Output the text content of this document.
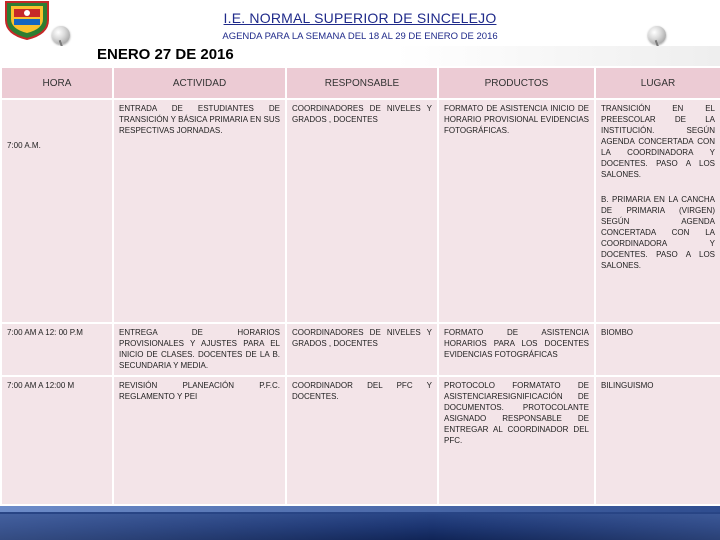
I.E. NORMAL SUPERIOR DE SINCELEJO
AGENDA PARA LA SEMANA DEL 18 AL 29 DE ENERO DE 2016
ENERO 27 DE 2016
HORA	ACTIVIDAD	RESPONSABLE	PRODUCTOS	LUGAR
7:00 A.M.	ENTRADA DE ESTUDIANTES DE TRANSICIÓN Y BÁSICA PRIMARIA EN SUS RESPECTIVAS JORNADAS.	COORDINADORES DE NIVELES Y GRADOS , DOCENTES	FORMATO DE ASISTENCIA INICIO DE HORARIO PROVISIONAL EVIDENCIAS FOTOGRÁFICAS.	TRANSICIÓN EN EL PREESCOLAR DE LA INSTITUCIÓN. SEGÚN AGENDA CONCERTADA CON LA COORDINADORA Y DOCENTES. PASO A LOS SALONES.
B. PRIMARIA EN LA CANCHA DE PRIMARIA (VIRGEN) SEGÚN AGENDA CONCERTADA CON LA COORDINADORA Y DOCENTES. PASO A LOS SALONES.

7:00 AM A 12: 00 P.M	ENTREGA DE HORARIOS PROVISIONALES Y AJUSTES PARA EL INICIO DE CLASES. DOCENTES DE LA B. SECUNDARIA Y MEDIA.	COORDINADORES DE NIVELES Y GRADOS , DOCENTES	FORMATO DE ASISTENCIA HORARIOS PARA LOS DOCENTES EVIDENCIAS FOTOGRÁFICAS	BIOMBO
7:00 AM A 12:00 M	REVISIÓN PLANEACIÓN P.F.C. REGLAMENTO Y PEI	COORDINADOR DEL PFC Y DOCENTES.	PROTOCOLO FORMATATO DE ASISTENCIARESIGNIFICACIÓN DE DOCUMENTOS. PROTOCOLANTE ASIGNADO RESPONSABLE DE ENTREGAR AL COORDINADOR DEL PFC.	BILINGUISMO
